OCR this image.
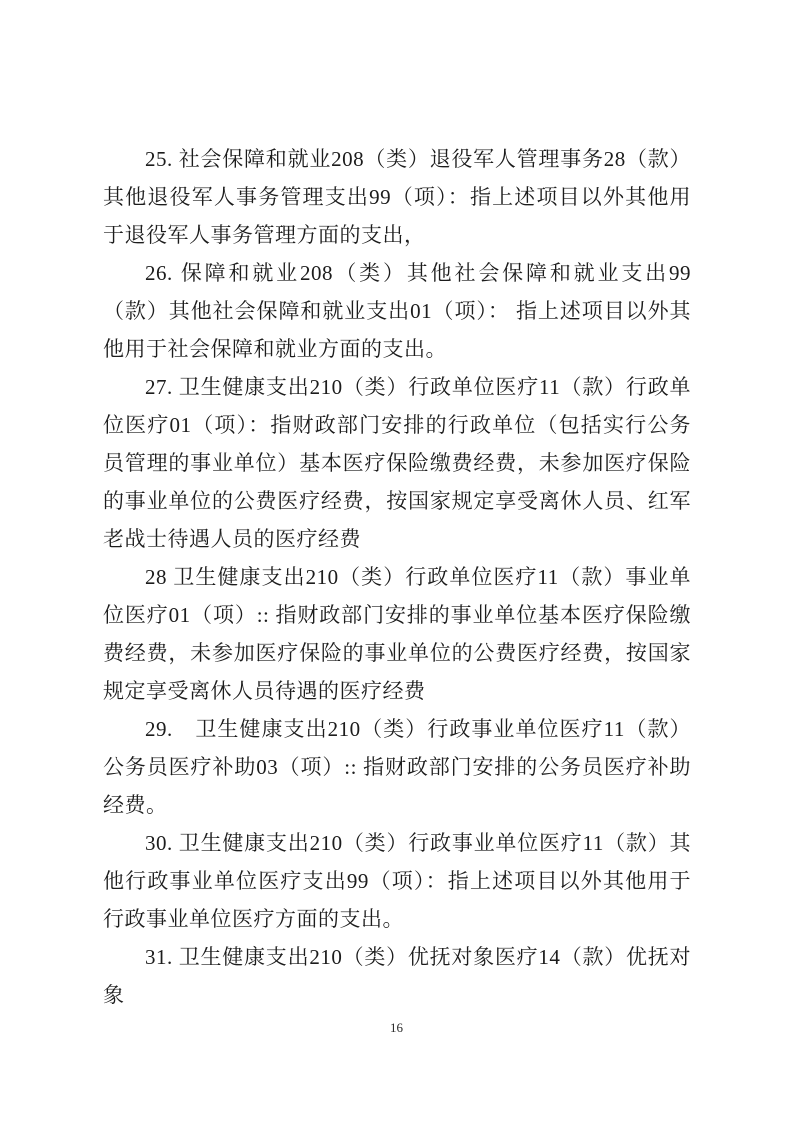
25. 社会保障和就业208（类）退役军人管理事务28（款）其他退役军人事务管理支出99（项）：指上述项目以外其他用于退役军人事务管理方面的支出，

26. 保障和就业208（类）其他社会保障和就业支出99（款）其他社会保障和就业支出01（项）： 指上述项目以外其他用于社会保障和就业方面的支出。

27. 卫生健康支出210（类）行政单位医疗11（款）行政单位医疗01（项）：指财政部门安排的行政单位（包括实行公务员管理的事业单位）基本医疗保险缴费经费，未参加医疗保险的事业单位的公费医疗经费，按国家规定享受离休人员、红军老战士待遇人员的医疗经费

28 卫生健康支出210（类）行政单位医疗11（款）事业单位医疗01（项）:: 指财政部门安排的事业单位基本医疗保险缴费经费，未参加医疗保险的事业单位的公费医疗经费，按国家规定享受离休人员待遇的医疗经费

29.　卫生健康支出210（类）行政事业单位医疗11（款）公务员医疗补助03（项）:: 指财政部门安排的公务员医疗补助经费。

30. 卫生健康支出210（类）行政事业单位医疗11（款）其他行政事业单位医疗支出99（项）：指上述项目以外其他用于行政事业单位医疗方面的支出。

31. 卫生健康支出210（类）优抚对象医疗14（款）优抚对象

16
